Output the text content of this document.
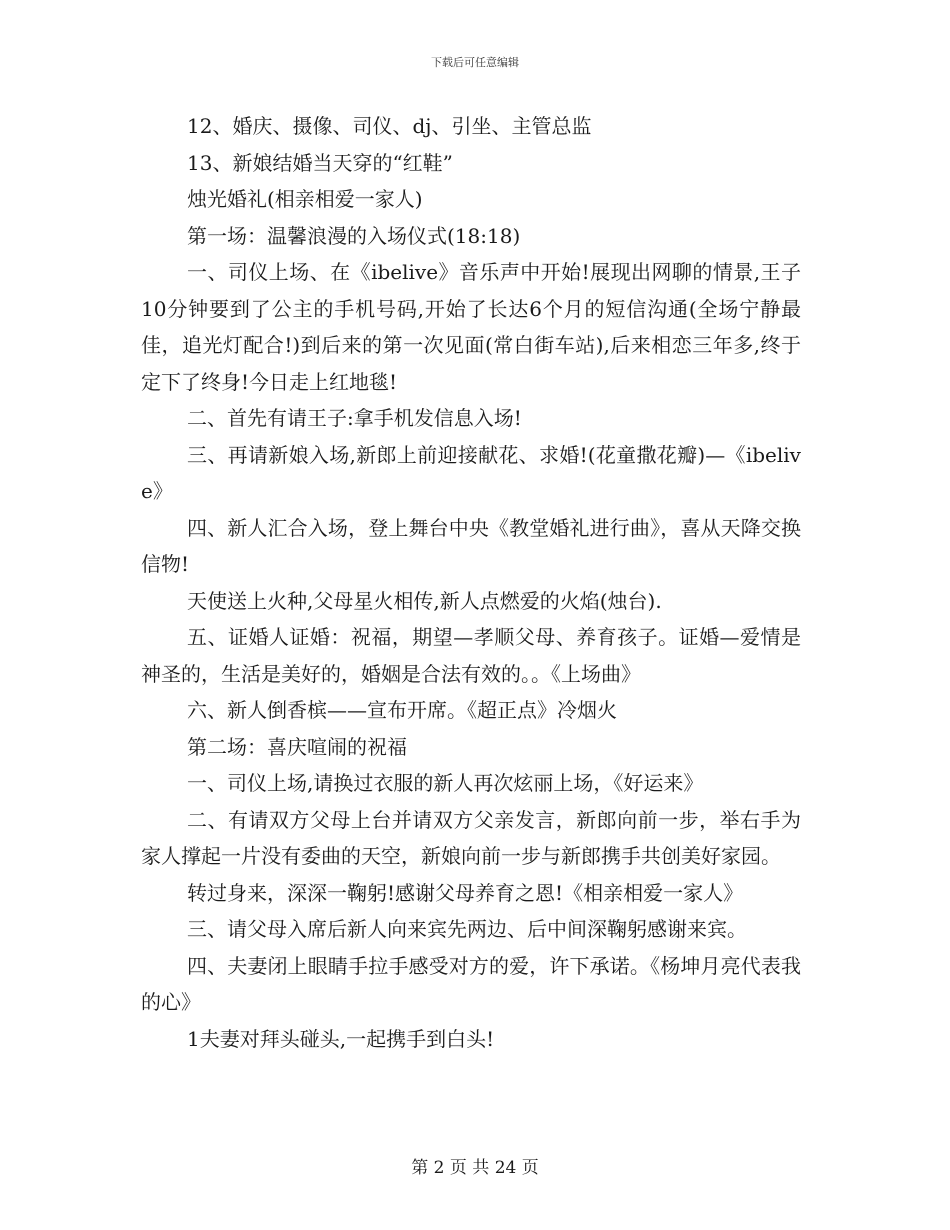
下载后可任意编辑

12、婚庆、摄像、司仪、dj、引坐、主管总监

13、新娘结婚当天穿的“红鞋”

烛光婚礼(相亲相爱一家人)

第一场：温馨浪漫的入场仪式(18:18)

一、司仪上场、在《ibelive》音乐声中开始!展现出网聊的情景,王子10分钟要到了公主的手机号码,开始了长达6个月的短信沟通(全场宁静最佳，追光灯配合!)到后来的第一次见面(常白街车站),后来相恋三年多,终于定下了终身!今日走上红地毯!

二、首先有请王子:拿手机发信息入场!

三、再请新娘入场,新郎上前迎接献花、求婚!(花童撒花瓣)—《ibelive》

四、新人汇合入场，登上舞台中央《教堂婚礼进行曲》，喜从天降交换信物!

天使送上火种,父母星火相传,新人点燃爱的火焰(烛台).

五、证婚人证婚：祝福，期望—孝顺父母、养育孩子。证婚—爱情是神圣的，生活是美好的，婚姻是合法有效的。。《上场曲》

六、新人倒香槟——宣布开席。《超正点》冷烟火

第二场：喜庆喧闹的祝福

一、司仪上场,请换过衣服的新人再次炫丽上场，《好运来》

二、有请双方父母上台并请双方父亲发言，新郎向前一步，举右手为家人撑起一片没有委曲的天空，新娘向前一步与新郎携手共创美好家园。

转过身来，深深一鞠躬!感谢父母养育之恩!《相亲相爱一家人》

三、请父母入席后新人向来宾先两边、后中间深鞠躬感谢来宾。

四、夫妻闭上眼睛手拉手感受对方的爱，许下承诺。《杨坤月亮代表我的心》

1夫妻对拜头碰头,一起携手到白头!

第 2 页 共 24 页
